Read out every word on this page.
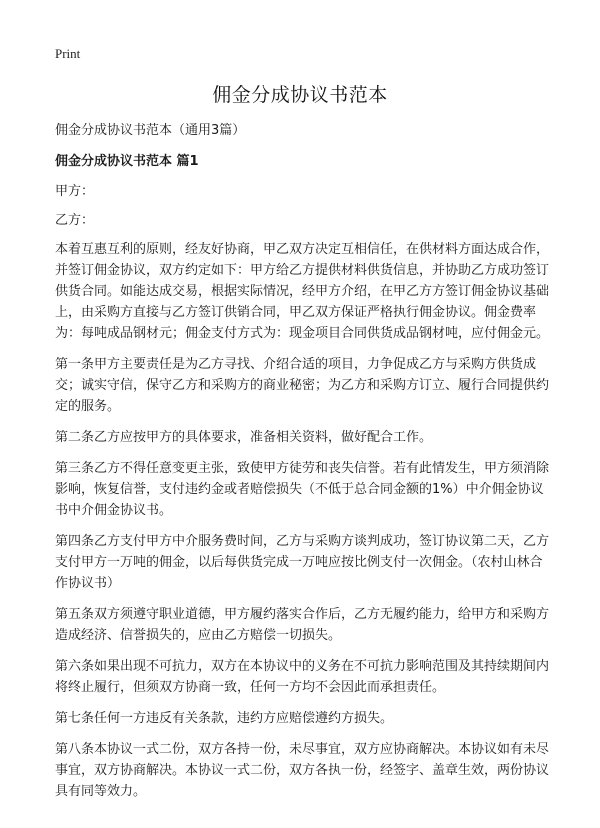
Print
佣金分成协议书范本

佣金分成协议书范本（通用3篇）

佣金分成协议书范本 篇1

甲方：

乙方：

本着互惠互利的原则，经友好协商，甲乙双方决定互相信任，在供材料方面达成合作，并签订佣金协议，双方约定如下：甲方给乙方提供材料供货信息，并协助乙方成功签订供货合同。如能达成交易，根据实际情况，经甲方介绍，在甲乙方方签订佣金协议基础上，由采购方直接与乙方签订供销合同，甲乙双方保证严格执行佣金协议。佣金费率为：每吨成品钢材元；佣金支付方式为：现金项目合同供货成品钢材吨，应付佣金元。

第一条甲方主要责任是为乙方寻找、介绍合适的项目，力争促成乙方与采购方供货成交；诚实守信，保守乙方和采购方的商业秘密；为乙方和采购方订立、履行合同提供约定的服务。

第二条乙方应按甲方的具体要求，准备相关资料，做好配合工作。

第三条乙方不得任意变更主张，致使甲方徒劳和丧失信誉。若有此情发生，甲方须消除影响，恢复信誉，支付违约金或者赔偿损失（不低于总合同金额的1%）中介佣金协议书中介佣金协议书。

第四条乙方支付甲方中介服务费时间，乙方与采购方谈判成功，签订协议第二天，乙方支付甲方一万吨的佣金，以后每供货完成一万吨应按比例支付一次佣金。（农村山林合作协议书）

第五条双方须遵守职业道德，甲方履约落实合作后，乙方无履约能力，给甲方和采购方造成经济、信誉损失的，应由乙方赔偿一切损失。

第六条如果出现不可抗力，双方在本协议中的义务在不可抗力影响范围及其持续期间内将终止履行，但须双方协商一致，任何一方均不会因此而承担责任。

第七条任何一方违反有关条款，违约方应赔偿遵约方损失。

第八条本协议一式二份，双方各持一份，未尽事宜，双方应协商解决。本协议如有未尽事宜，双方协商解决。本协议一式二份，双方各执一份，经签字、盖章生效，两份协议具有同等效力。
